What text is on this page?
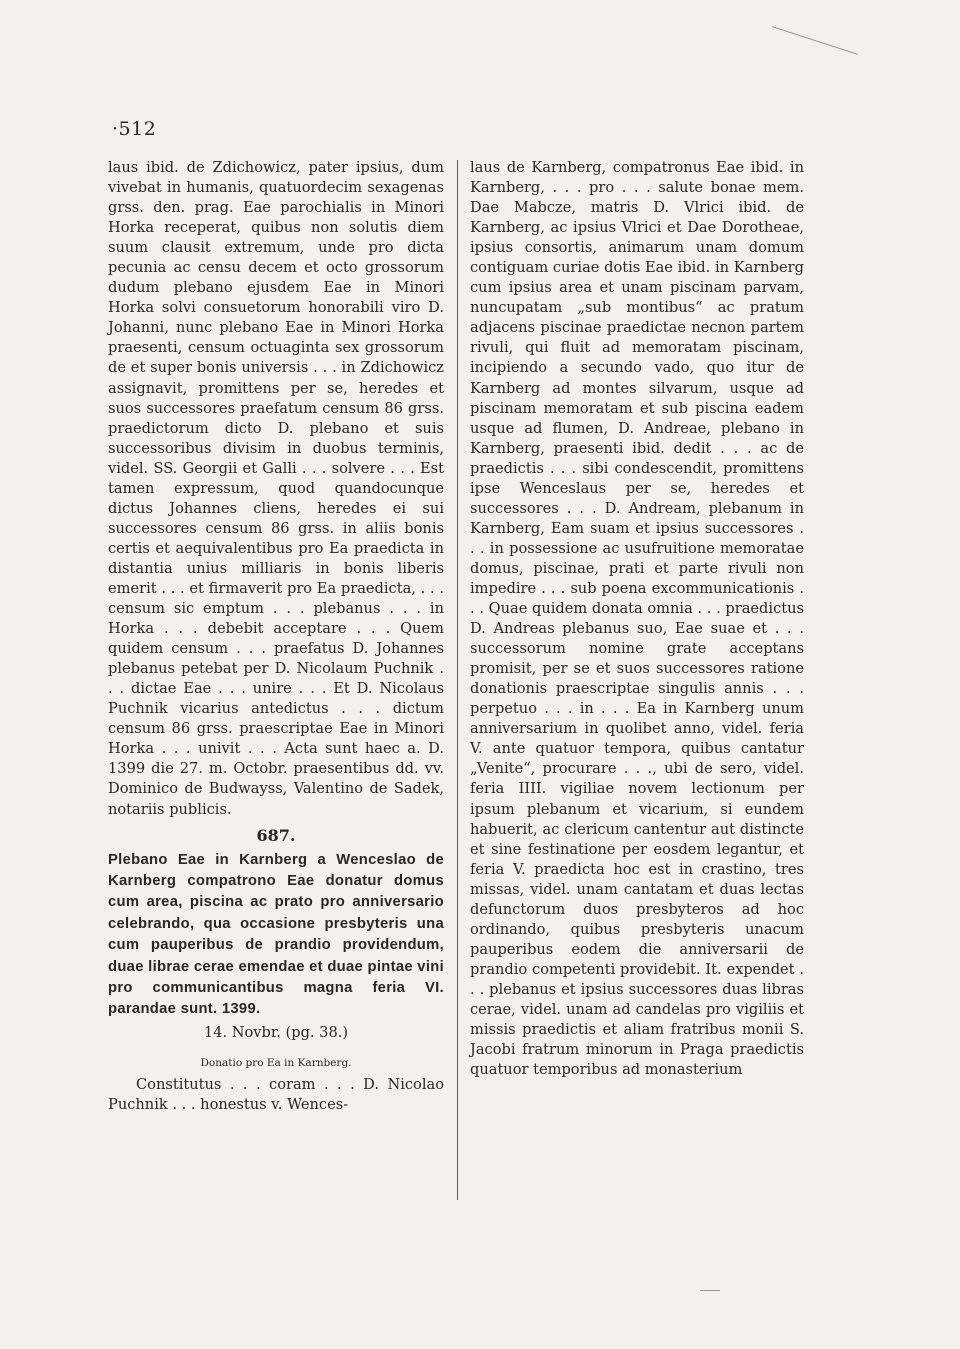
·512

laus ibid. de Zdichowicz, pater ipsius, dum vivebat in humanis, quatuordecim sexagenas grss. den. prag. Eae parochialis in Minori Horka receperat, quibus non solutis diem suum clausit extremum, unde pro dicta pecunia ac censu decem et octo grossorum dudum plebano ejusdem Eae in Minori Horka solvi consuetorum honorabili viro D. Johanni, nunc plebano Eae in Minori Horka praesenti, censum octuaginta sex grossorum de et super bonis universis . . . in Zdichowicz assignavit, promittens per se, heredes et suos successores praefatum censum 86 grss. praedictorum dicto D. plebano et suis successoribus divisim in duobus terminis, videl. SS. Georgii et Galli . . . solvere . . . Est tamen expressum, quod quandocunque dictus Johannes cliens, heredes ei sui successores censum 86 grss. in aliis bonis certis et aequivalentibus pro Ea praedicta in distantia unius milliaris in bonis liberis emerit . . . et firmaverit pro Ea praedicta, . . . censum sic emptum . . . plebanus . . . in Horka . . . debebit acceptare . . . Quem quidem censum . . . praefatus D. Johannes plebanus petebat per D. Nicolaum Puchnik . . . dictae Eae . . . unire . . . Et D. Nicolaus Puchnik vicarius antedictus . . . dictum censum 86 grss. praescriptae Eae in Minori Horka . . . univit . . . Acta sunt haec a. D. 1399 die 27. m. Octobr. praesentibus dd. vv. Dominico de Budwayss, Valentino de Sadek, notariis publicis.

687.
Plebano Eae in Karnberg a Wenceslao de Karnberg compatrono Eae donatur domus cum area, piscina ac prato pro anniversario celebrando, qua occasione presbyteris una cum pauperibus de prandio providendum, duae librae cerae emendae et duae pintae vini pro communicantibus magna feria VI. parandae sunt. 1399.
14. Novbr. (pg. 38.)
Donatio pro Ea in Karnberg.

Constitutus . . . coram . . . D. Nicolao Puchnik . . . honestus v. Wences-

laus de Karnberg, compatronus Eae ibid. in Karnberg, . . . pro . . . salute bonae mem. Dae Mabcze, matris D. Vlrici ibid. de Karnberg, ac ipsius Vlrici et Dae Dorotheae, ipsius consortis, animarum unam domum contiguam curiae dotis Eae ibid. in Karnberg cum ipsius area et unam piscinam parvam, nuncupatam „sub montibus“ ac pratum adjacens piscinae praedictae necnon partem rivuli, qui fluit ad memoratam piscinam, incipiendo a secundo vado, quo itur de Karnberg ad montes silvarum, usque ad piscinam memoratam et sub piscina eadem usque ad flumen, D. Andreae, plebano in Karnberg, praesenti ibid. dedit . . . ac de praedictis . . . sibi condescendit, promittens ipse Wenceslaus per se, heredes et successores . . . D. Andream, plebanum in Karnberg, Eam suam et ipsius successores . . . in possessione ac usufruitione memoratae domus, piscinae, prati et parte rivuli non impedire . . . sub poena excommunicationis . . . Quae quidem donata omnia . . . praedictus D. Andreas plebanus suo, Eae suae et . . . successorum nomine grate acceptans promisit, per se et suos successores ratione donationis praescriptae singulis annis . . . perpetuo . . . in . . . Ea in Karnberg unum anniversarium in quolibet anno, videl. feria V. ante quatuor tempora, quibus cantatur „Venite“, procurare . . ., ubi de sero, videl. feria IIII. vigiliae novem lectionum per ipsum plebanum et vicarium, si eundem habuerit, ac clericum cantentur aut distincte et sine festinatione per eosdem legantur, et feria V. praedicta hoc est in crastino, tres missas, videl. unam cantatam et duas lectas defunctorum duos presbyteros ad hoc ordinando, quibus presbyteris unacum pauperibus eodem die anniversarii de prandio competenti providebit. It. expendet . . . plebanus et ipsius successores duas libras cerae, videl. unam ad candelas pro vigiliis et missis praedictis et aliam fratribus monii S. Jacobi fratrum minorum in Praga praedictis quatuor temporibus ad monasterium
